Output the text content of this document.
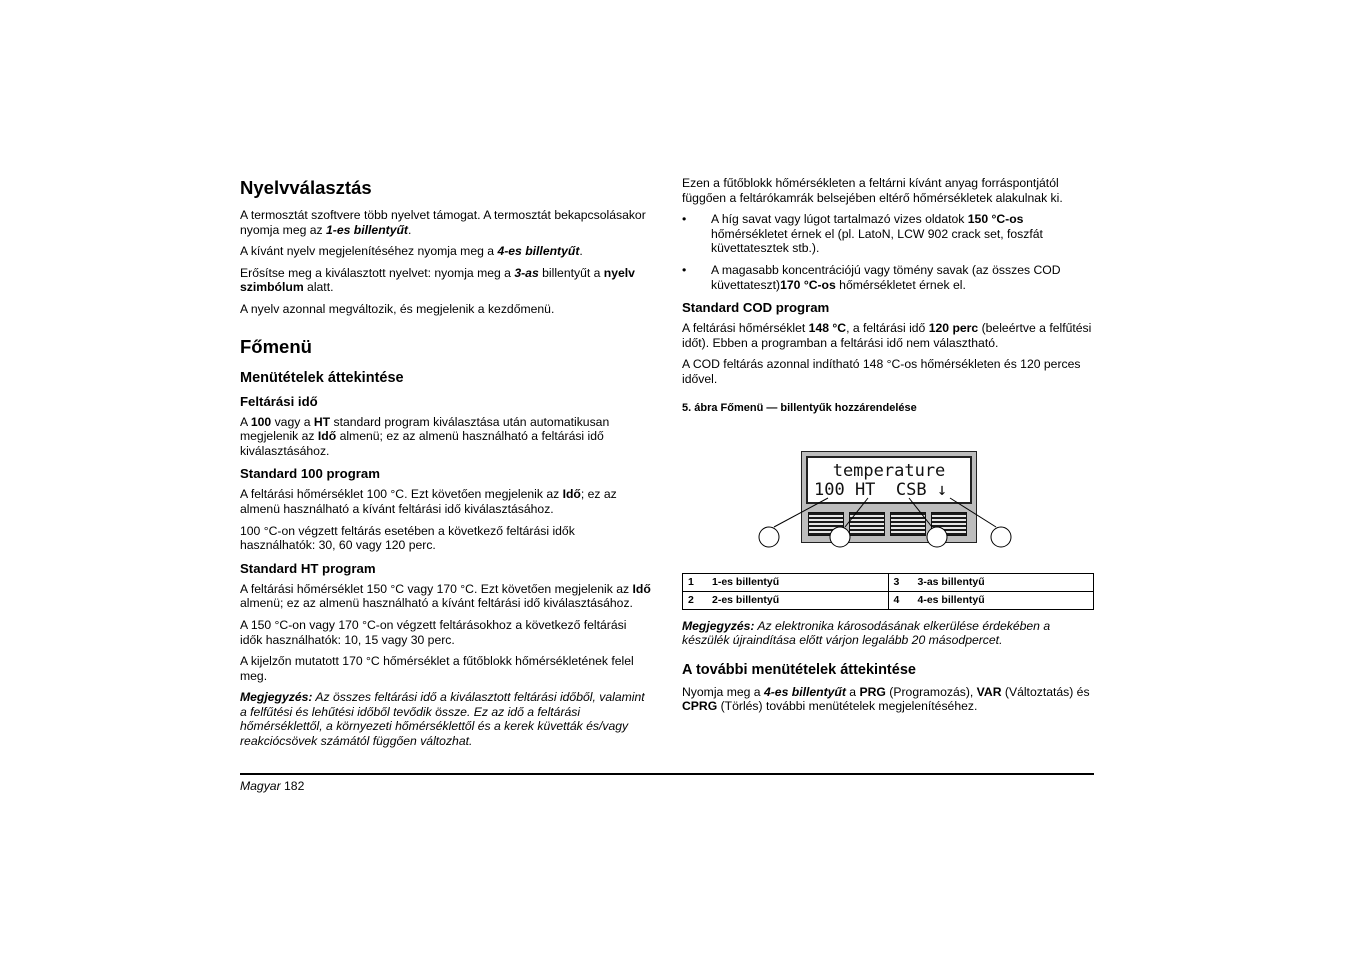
Nyelvválasztás

A termosztát szoftvere több nyelvet támogat. A termosztát bekapcsolásakor nyomja meg az 1-es billentyűt.

A kívánt nyelv megjelenítéséhez nyomja meg a 4-es billentyűt.

Erősítse meg a kiválasztott nyelvet: nyomja meg a 3-as billentyűt a nyelv szimbólum alatt.

A nyelv azonnal megváltozik, és megjelenik a kezdőmenü.

Főmenü
Menütételek áttekintése
Feltárási idő

A 100 vagy a HT standard program kiválasztása után automatikusan megjelenik az Idő almenü; ez az almenü használható a feltárási idő kiválasztásához.

Standard 100 program

A feltárási hőmérséklet 100 °C. Ezt követően megjelenik az Idő; ez az almenü használható a kívánt feltárási idő kiválasztásához.

100 °C-on végzett feltárás esetében a következő feltárási idők használhatók: 30, 60 vagy 120 perc.

Standard HT program

A feltárási hőmérséklet 150 °C vagy 170 °C. Ezt követően megjelenik az Idő almenü; ez az almenü használható a kívánt feltárási idő kiválasztásához.

A 150 °C-on vagy 170 °C-on végzett feltárásokhoz a következő feltárási idők használhatók: 10, 15 vagy 30 perc.

A kijelzőn mutatott 170 °C hőmérséklet a fűtőblokk hőmérsékletének felel meg.

Megjegyzés: Az összes feltárási idő a kiválasztott feltárási időből, valamint a felfűtési és lehűtési időből tevődik össze. Ez az idő a feltárási hőmérséklettől, a környezeti hőmérséklettől és a kerek küvetták és/vagy reakciócsövek számától függően változhat.

Ezen a fűtőblokk hőmérsékleten a feltárni kívánt anyag forráspontjától függően a feltárókamrák belsejében eltérő hőmérsékletek alakulnak ki.

• A híg savat vagy lúgot tartalmazó vizes oldatok 150 °C-os hőmérsékletet érnek el (pl. LatoN, LCW 902 crack set, foszfát küvettatesztek stb.).
• A magasabb koncentrációjú vagy tömény savak (az összes COD küvettateszt)170 °C-os hőmérsékletet érnek el.
Standard COD program

A feltárási hőmérséklet 148 °C, a feltárási idő 120 perc (beleértve a felfűtési időt). Ebben a programban a feltárási idő nem választható.

A COD feltárás azonnal indítható 148 °C-os hőmérsékleten és 120 perces idővel.

5. ábra Főmenü — billentyűk hozzárendelése
temperature
100 HT  CSB ↓
1 1-es billentyű	3 3-as billentyű
2 2-es billentyű	4 4-es billentyű

Megjegyzés: Az elektronika károsodásának elkerülése érdekében a készülék újraindítása előtt várjon legalább 20 másodpercet.

A további menütételek áttekintése

Nyomja meg a 4-es billentyűt a PRG (Programozás), VAR (Változtatás) és CPRG (Törlés) további menütételek megjelenítéséhez.

Magyar 182
